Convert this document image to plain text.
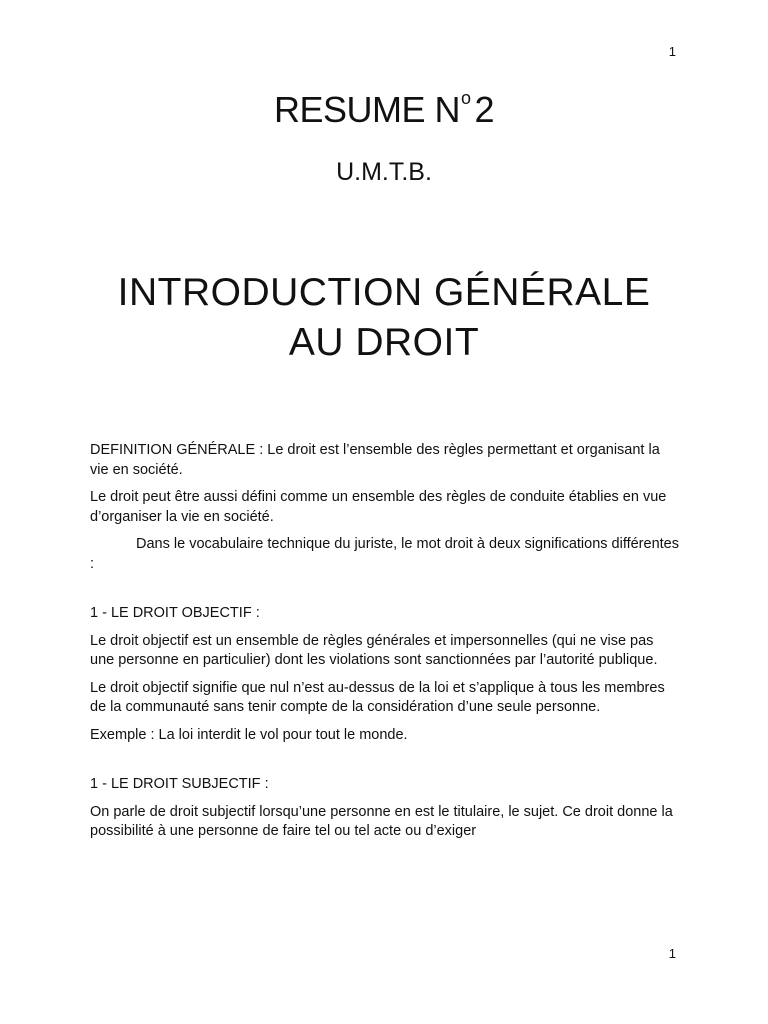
1
RESUME $N^o$ 2
U.M.T.B.
INTRODUCTION GÉNÉRALE
AU DROIT

DEFINITION GÉNÉRALE : Le droit est l’ensemble des règles permettant et organisant la vie en société.

Le droit peut être aussi défini comme un ensemble des règles de conduite établies en vue d’organiser la vie en société.

Dans le vocabulaire technique du juriste, le mot droit à deux significations différentes :

1 - LE DROIT OBJECTIF :

Le droit objectif est un ensemble de règles générales et impersonnelles (qui ne vise pas une personne en particulier) dont les violations sont sanctionnées par l’autorité publique.

Le droit objectif signifie que nul n’est au-dessus de la loi et s’applique à tous les membres de la communauté sans tenir compte de la considération d’une seule personne.

Exemple : La loi interdit le vol pour tout le monde.

1 - LE DROIT SUBJECTIF :

On parle de droit subjectif lorsqu’une personne en est le titulaire, le sujet. Ce droit donne la possibilité à une personne de faire tel ou tel acte ou d’exiger

1
